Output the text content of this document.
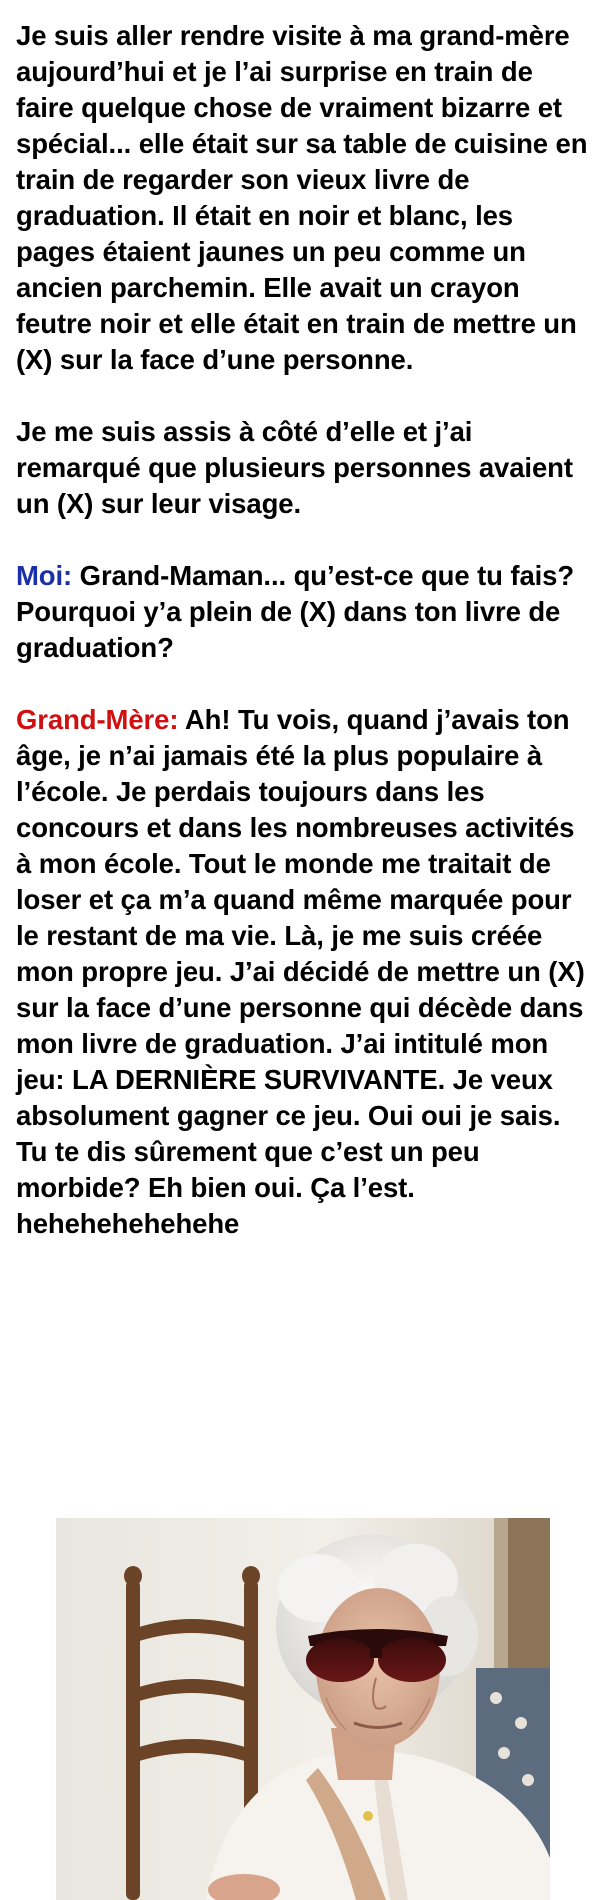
Je suis aller rendre visite à ma grand-mère aujourd’hui et je l’ai surprise en train de faire quelque chose de vraiment bizarre et spécial... elle était sur sa table de cuisine en train de regarder son vieux livre de graduation. Il était en noir et blanc, les pages étaient jaunes un peu comme un ancien parchemin. Elle avait un crayon feutre noir et elle était en train de mettre un (X) sur la face d’une personne.

Je me suis assis à côté d’elle et j’ai remarqué que plusieurs personnes avaient un (X) sur leur visage.

Moi: Grand-Maman... qu’est-ce que tu fais? Pourquoi y’a plein de (X) dans ton livre de graduation?

Grand-Mère: Ah! Tu vois, quand j’avais ton âge, je n’ai jamais été la plus populaire à l’école. Je perdais toujours dans les concours et dans les nombreuses activités à mon école. Tout le monde me traitait de loser et ça m’a quand même marquée pour le restant de ma vie. Là, je me suis créée mon propre jeu. J’ai décidé de mettre un (X) sur la face d’une personne qui décède dans mon livre de graduation. J’ai intitulé mon jeu: LA DERNIÈRE SURVIVANTE. Je veux absolument gagner ce jeu. Oui oui je sais. Tu te dis sûrement que c’est un peu morbide? Eh bien oui. Ça l’est. hehehehehehehe
